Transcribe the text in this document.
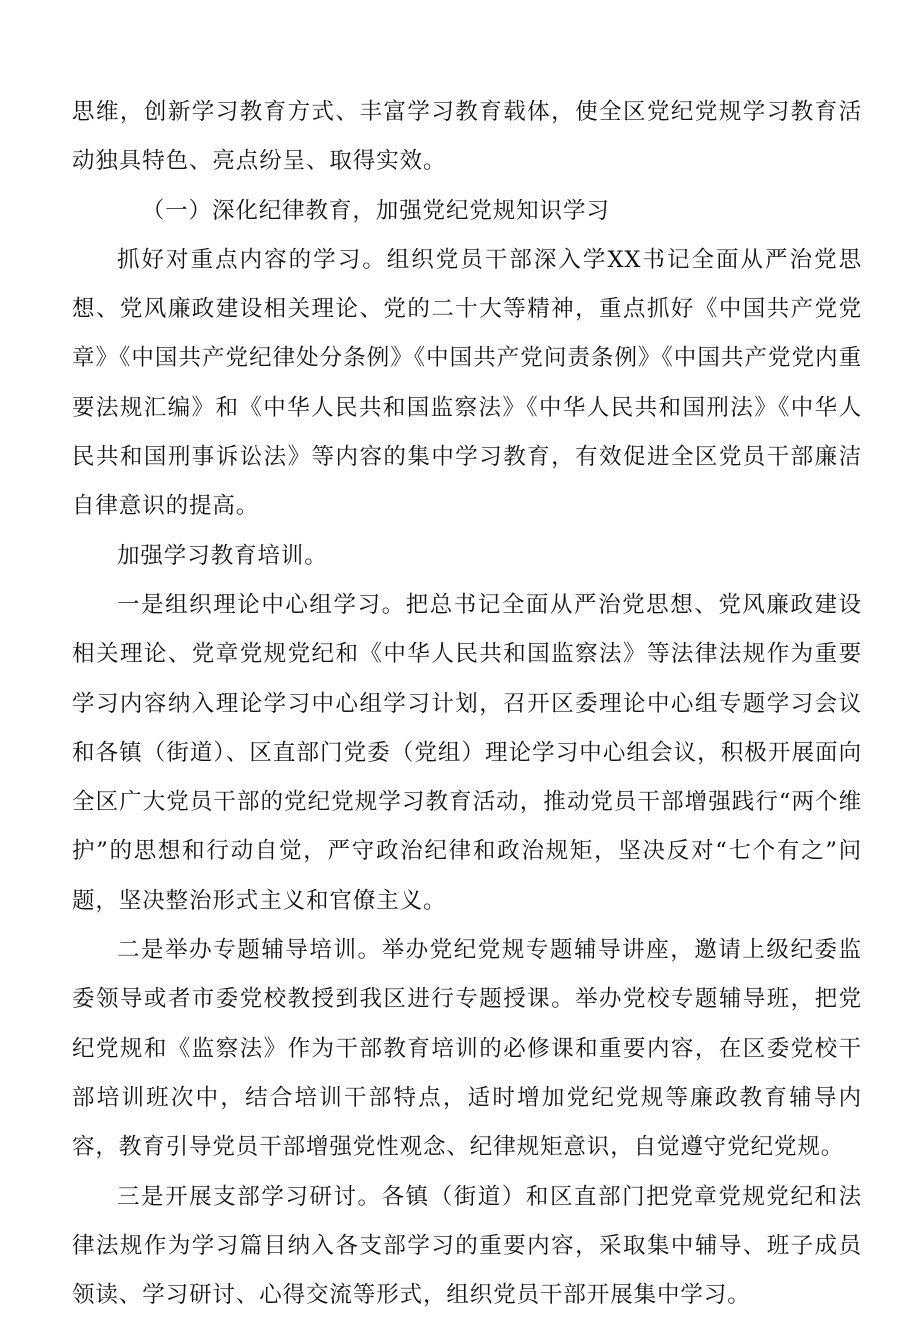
思维，创新学习教育方式、丰富学习教育载体，使全区党纪党规学习教育活动独具特色、亮点纷呈、取得实效。

（一）深化纪律教育，加强党纪党规知识学习

抓好对重点内容的学习。组织党员干部深入学XX书记全面从严治党思想、党风廉政建设相关理论、党的二十大等精神，重点抓好《中国共产党党章》《中国共产党纪律处分条例》《中国共产党问责条例》《中国共产党党内重要法规汇编》和《中华人民共和国监察法》《中华人民共和国刑法》《中华人民共和国刑事诉讼法》等内容的集中学习教育，有效促进全区党员干部廉洁自律意识的提高。

加强学习教育培训。

一是组织理论中心组学习。把总书记全面从严治党思想、党风廉政建设相关理论、党章党规党纪和《中华人民共和国监察法》等法律法规作为重要学习内容纳入理论学习中心组学习计划，召开区委理论中心组专题学习会议和各镇（街道）、区直部门党委（党组）理论学习中心组会议，积极开展面向全区广大党员干部的党纪党规学习教育活动，推动党员干部增强践行“两个维护”的思想和行动自觉，严守政治纪律和政治规矩，坚决反对“七个有之”问题，坚决整治形式主义和官僚主义。

二是举办专题辅导培训。举办党纪党规专题辅导讲座，邀请上级纪委监委领导或者市委党校教授到我区进行专题授课。举办党校专题辅导班，把党纪党规和《监察法》作为干部教育培训的必修课和重要内容，在区委党校干部培训班次中，结合培训干部特点，适时增加党纪党规等廉政教育辅导内容，教育引导党员干部增强党性观念、纪律规矩意识，自觉遵守党纪党规。

三是开展支部学习研讨。各镇（街道）和区直部门把党章党规党纪和法律法规作为学习篇目纳入各支部学习的重要内容，采取集中辅导、班子成员领读、学习研讨、心得交流等形式，组织党员干部开展集中学习。
